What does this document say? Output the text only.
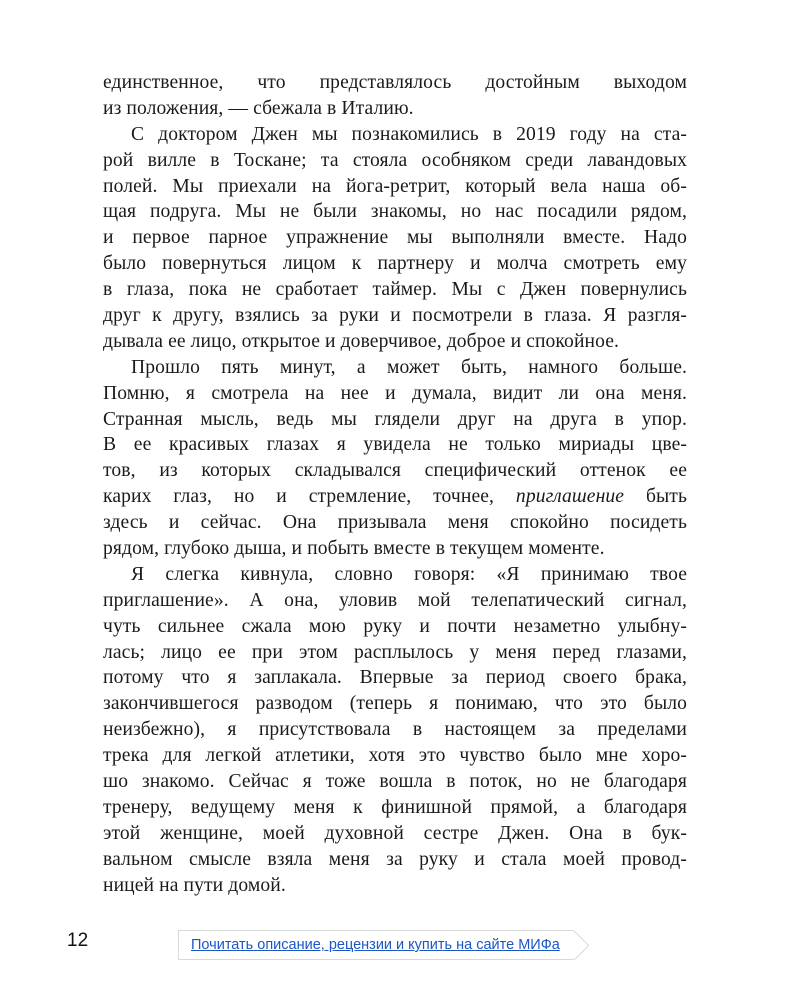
единственное, что представлялось достойным выходом
из положения, — сбежала в Италию.
С доктором Джен мы познакомились в 2019 году на ста-
рой вилле в Тоскане; та стояла особняком среди лавандовых
полей. Мы приехали на йога-ретрит, который вела наша об-
щая подруга. Мы не были знакомы, но нас посадили рядом,
и первое парное упражнение мы выполняли вместе. Надо
было повернуться лицом к партнеру и молча смотреть ему
в глаза, пока не сработает таймер. Мы с Джен повернулись
друг к другу, взялись за руки и посмотрели в глаза. Я разгля-
дывала ее лицо, открытое и доверчивое, доброе и спокойное.
Прошло пять минут, а может быть, намного больше.
Помню, я смотрела на нее и думала, видит ли она меня.
Странная мысль, ведь мы глядели друг на друга в упор.
В ее красивых глазах я увидела не только мириады цве-
тов, из которых складывался специфический оттенок ее
карих глаз, но и стремление, точнее, приглашение быть
здесь и сейчас. Она призывала меня спокойно посидеть
рядом, глубоко дыша, и побыть вместе в текущем моменте.
Я слегка кивнула, словно говоря: «Я принимаю твое
приглашение». А она, уловив мой телепатический сигнал,
чуть сильнее сжала мою руку и почти незаметно улыбну-
лась; лицо ее при этом расплылось у меня перед глазами,
потому что я заплакала. Впервые за период своего брака,
закончившегося разводом (теперь я понимаю, что это было
неизбежно), я присутствовала в настоящем за пределами
трека для легкой атлетики, хотя это чувство было мне хоро-
шо знакомо. Сейчас я тоже вошла в поток, но не благодаря
тренеру, ведущему меня к финишной прямой, а благодаря
этой женщине, моей духовной сестре Джен. Она в бук-
вальном смысле взяла меня за руку и стала моей провод-
ницей на пути домой.
12	Почитать описание, рецензии и купить на сайте МИФа
